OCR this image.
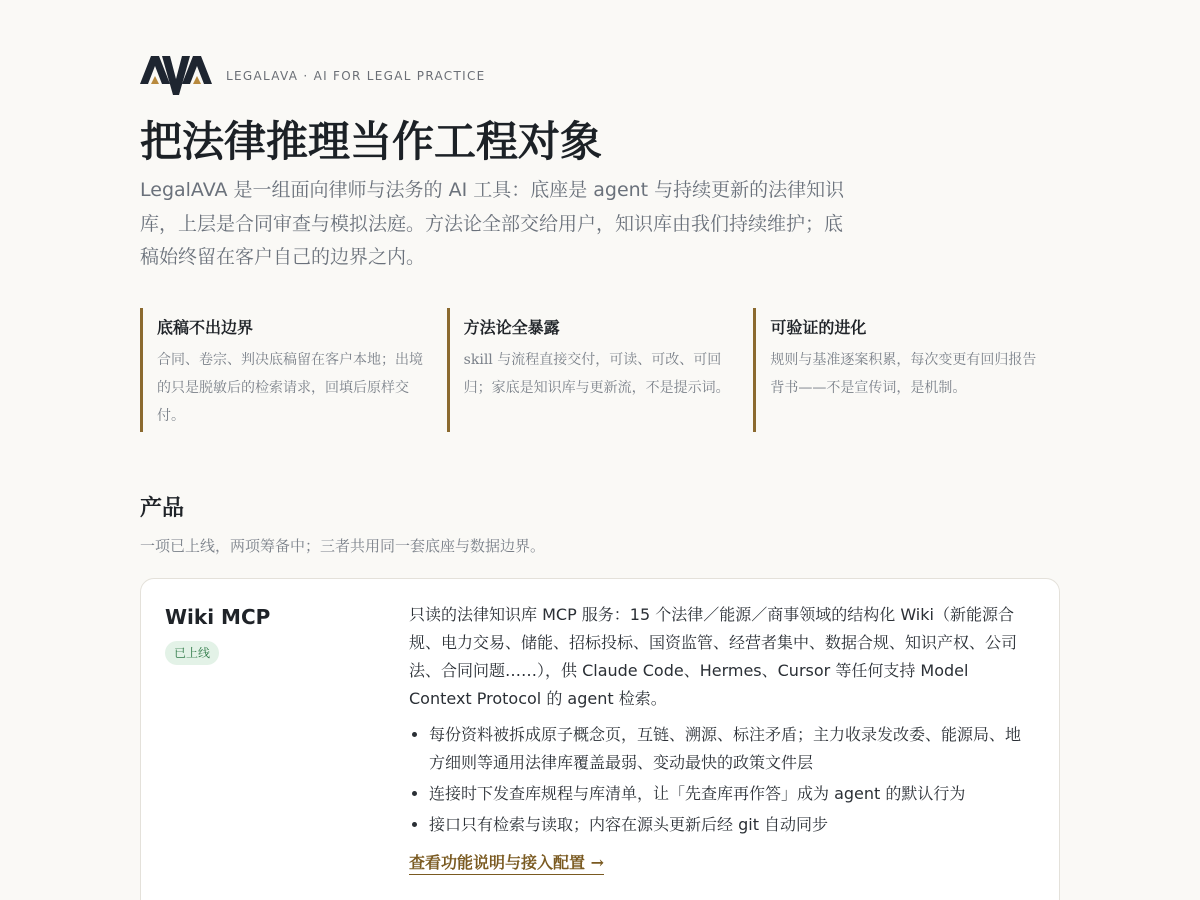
LEGALAVA · AI FOR LEGAL PRACTICE
把法律推理当作工程对象

LegalAVA 是一组面向律师与法务的 AI 工具：底座是 agent 与持续更新的法律知识库，上层是合同审查与模拟法庭。方法论全部交给用户，知识库由我们持续维护；底稿始终留在客户自己的边界之内。

底稿不出边界

合同、卷宗、判决底稿留在客户本地；出境的只是脱敏后的检索请求，回填后原样交付。

方法论全暴露

skill 与流程直接交付，可读、可改、可回归；家底是知识库与更新流，不是提示词。

可验证的进化

规则与基准逐案积累，每次变更有回归报告背书——不是宣传词，是机制。

产品

一项已上线，两项筹备中；三者共用同一套底座与数据边界。

Wiki MCP
已上线

只读的法律知识库 MCP 服务：15 个法律／能源／商事领域的结构化 Wiki（新能源合规、电力交易、储能、招标投标、国资监管、经营者集中、数据合规、知识产权、公司法、合同问题……），供 Claude Code、Hermes、Cursor 等任何支持 Model Context Protocol 的 agent 检索。

• 每份资料被拆成原子概念页，互链、溯源、标注矛盾；主力收录发改委、能源局、地方细则等通用法律库覆盖最弱、变动最快的政策文件层
• 连接时下发查库规程与库清单，让「先查库再作答」成为 agent 的默认行为
• 接口只有检索与读取；内容在源头更新后经 git 自动同步
查看功能说明与接入配置 →
